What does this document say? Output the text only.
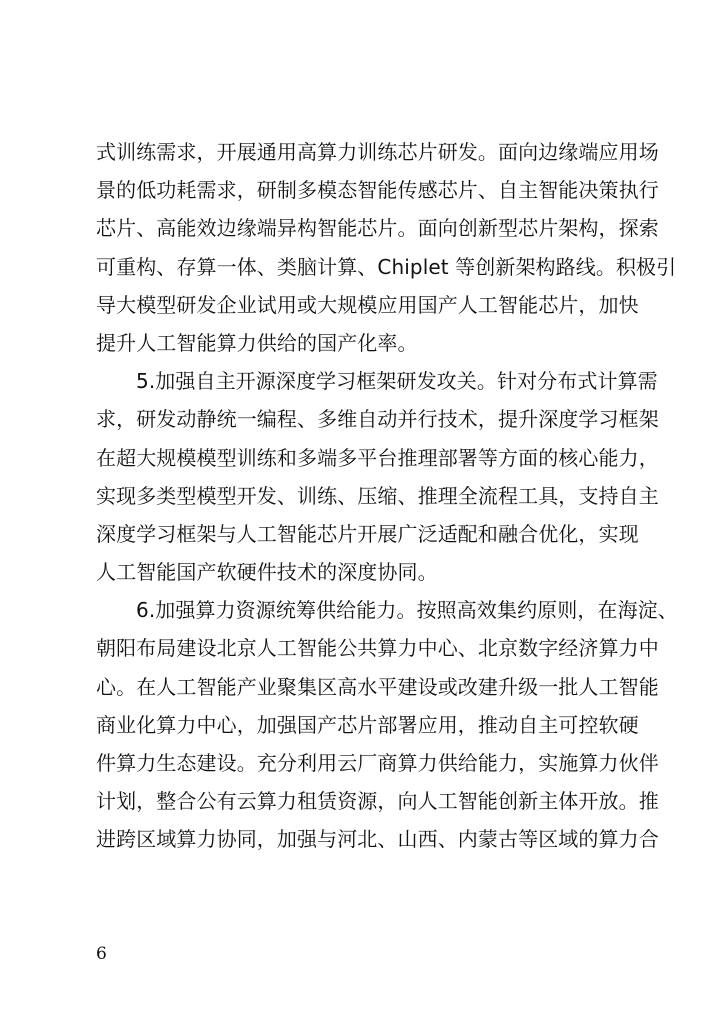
式训练需求，开展通用高算力训练芯片研发。面向边缘端应用场
景的低功耗需求，研制多模态智能传感芯片、自主智能决策执行
芯片、高能效边缘端异构智能芯片。面向创新型芯片架构，探索
可重构、存算一体、类脑计算、Chiplet 等创新架构路线。积极引
导大模型研发企业试用或大规模应用国产人工智能芯片，加快
提升人工智能算力供给的国产化率。
5.加强自主开源深度学习框架研发攻关。针对分布式计算需
求，研发动静统一编程、多维自动并行技术，提升深度学习框架
在超大规模模型训练和多端多平台推理部署等方面的核心能力，
实现多类型模型开发、训练、压缩、推理全流程工具，支持自主
深度学习框架与人工智能芯片开展广泛适配和融合优化，实现
人工智能国产软硬件技术的深度协同。
6.加强算力资源统筹供给能力。按照高效集约原则，在海淀、
朝阳布局建设北京人工智能公共算力中心、北京数字经济算力中
心。在人工智能产业聚集区高水平建设或改建升级一批人工智能
商业化算力中心，加强国产芯片部署应用，推动自主可控软硬
件算力生态建设。充分利用云厂商算力供给能力，实施算力伙伴
计划，整合公有云算力租赁资源，向人工智能创新主体开放。推
进跨区域算力协同，加强与河北、山西、内蒙古等区域的算力合
6
